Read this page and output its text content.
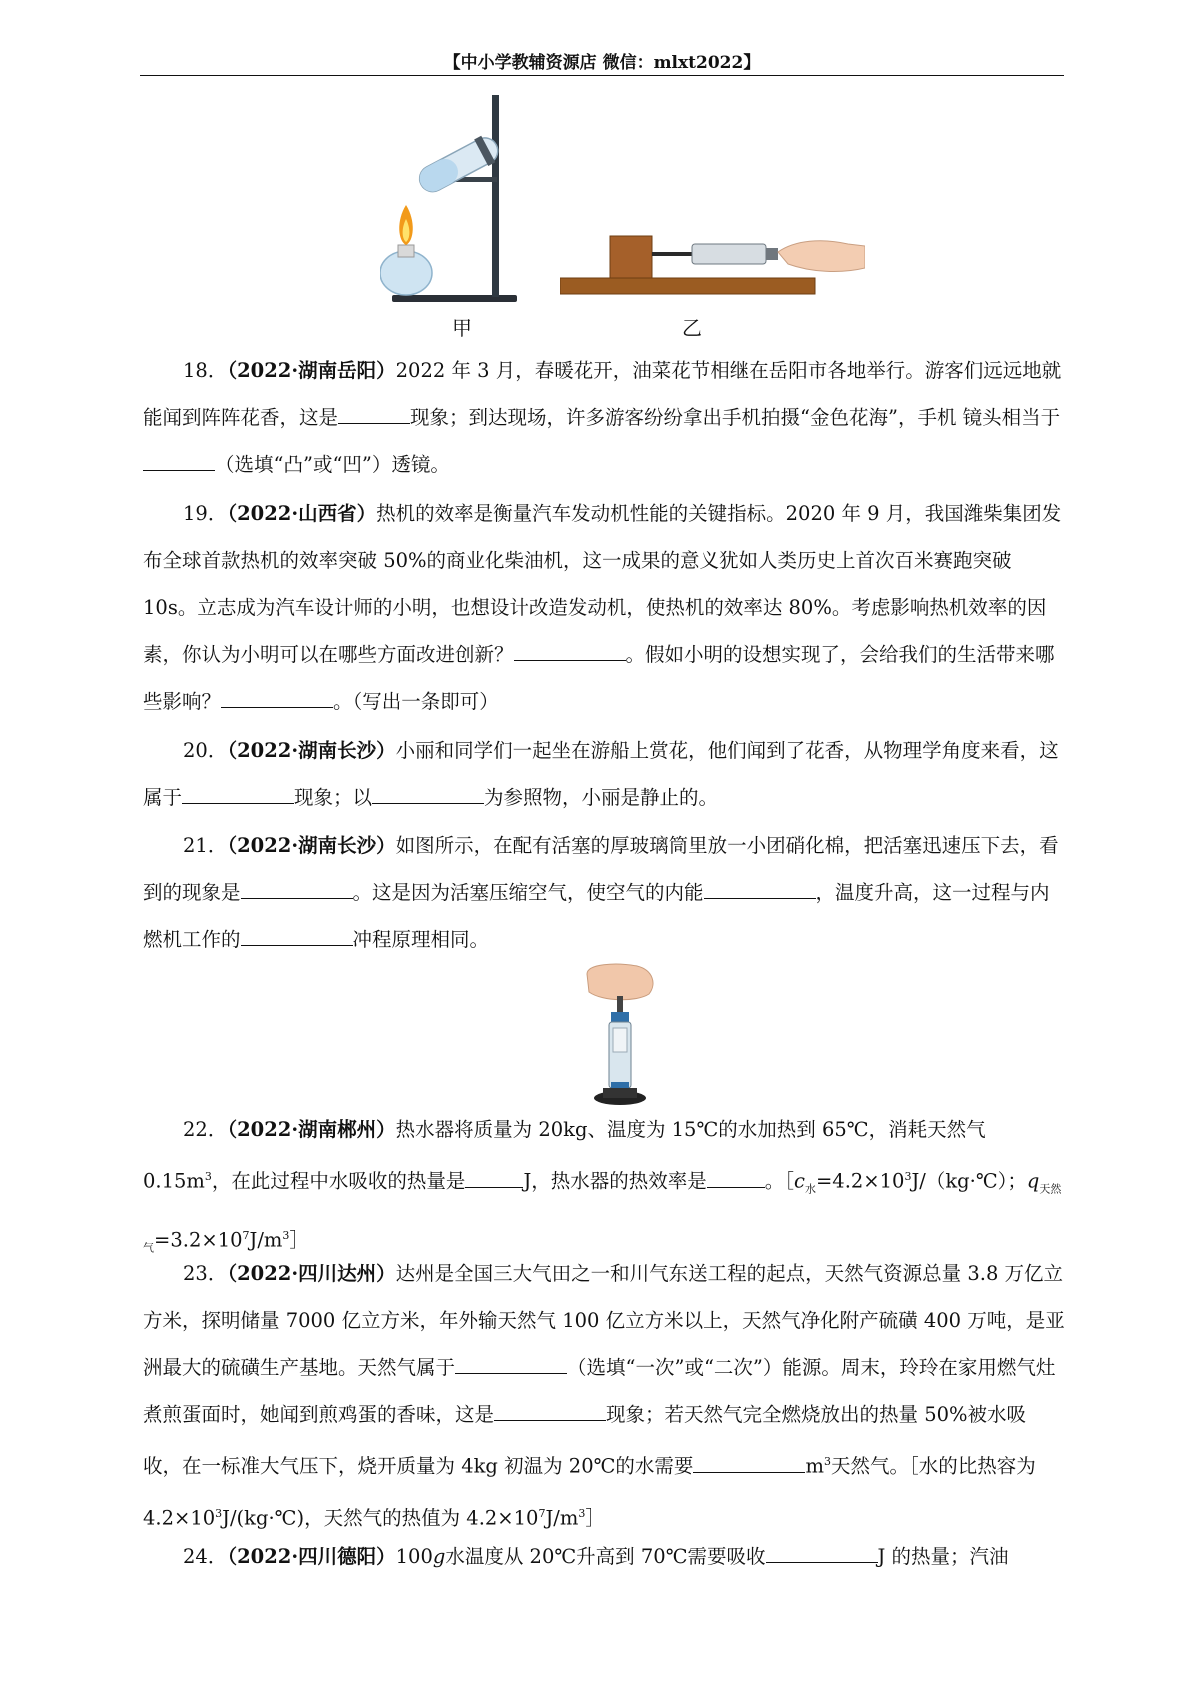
【中小学教辅资源店 微信：mlxt2022】
甲	乙

18．（2022·湖南岳阳）2022 年 3 月，春暖花开，油菜花节相继在岳阳市各地举行。游客们远远地就能闻到阵阵花香，这是	现象；到达现场，许多游客纷纷拿出手机拍摄“金色花海”，手机 镜头相当于（选填“凸”或“凹”）透镜。

19．（2022·山西省）热机的效率是衡量汽车发动机性能的关键指标。2020 年 9 月，我国潍柴集团发布全球首款热机的效率突破 50%的商业化柴油机，这一成果的意义犹如人类历史上首次百米赛跑突破 10s。立志成为汽车设计师的小明，也想设计改造发动机，使热机的效率达 80%。考虑影响热机效率的因素，你认为小明可以在哪些方面改进创新？	。假如小明的设想实现了，会给我们的生活带来哪些影响？	。（写出一条即可）

20．（2022·湖南长沙）小丽和同学们一起坐在游船上赏花，他们闻到了花香，从物理学角度来看，这属于	现象；以	为参照物，小丽是静止的。

21．（2022·湖南长沙）如图所示，在配有活塞的厚玻璃筒里放一小团硝化棉，把活塞迅速压下去，看到的现象是	。这是因为活塞压缩空气，使空气的内能	，温度升高，这一过程与内燃机工作的	冲程原理相同。

22．（2022·湖南郴州）热水器将质量为 20kg、温度为 15℃的水加热到 65℃，消耗天然气 $0.15m^3$，在此过程中水吸收的热量是	J，热水器的热效率是	。$[c_水=4.2\times 10^3J/(kg\cdot℃)$；$q_{天然气}=3.2\times 10^7J/m^3]$

23．（2022·四川达州）达州是全国三大气田之一和川气东送工程的起点，天然气资源总量 3.8 万亿立方米，探明储量 7000 亿立方米，年外输天然气 100 亿立方米以上，天然气净化附产硫磺 400 万吨，是亚洲最大的硫磺生产基地。天然气属于	（选填“一次”或“二次”）能源。周末，玲玲在家用燃气灶煮煎蛋面时，她闻到煎鸡蛋的香味，这是	现象；若天然气完全燃烧放出的热量 50%被水吸收，在一标准大气压下，烧开质量为 4kg 初温为 20℃的水需要	$m^3$天然气。［水的比热容为 $4.2\times 10^3J/(kg\cdot℃)$，天然气的热值为 $4.2\times 10^7J/m^3]$

24．（2022·四川德阳）100g水温度从 20℃升高到 70℃需要吸收	J 的热量；汽油
